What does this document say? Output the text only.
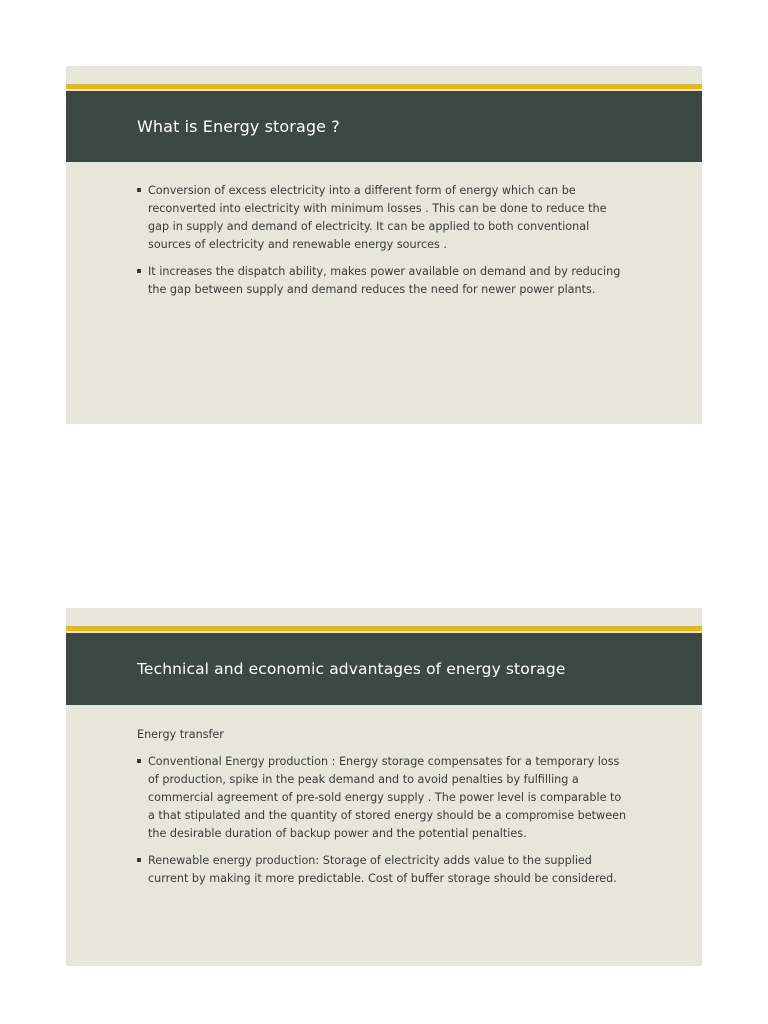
What is Energy storage ?
Conversion of excess electricity into a different form of energy which can be reconverted into electricity with minimum losses . This can be done to reduce the gap in supply and demand of electricity. It can be applied to both conventional sources of electricity and renewable energy sources .
It increases the dispatch ability, makes power available on demand and by reducing the gap between supply and demand reduces the need for newer power plants.
Technical and economic advantages of energy storage

Energy transfer

Conventional Energy production : Energy storage compensates for a temporary loss of production, spike in the peak demand and to avoid penalties by fulfilling a commercial agreement of pre-sold energy supply . The power level is comparable to a that stipulated and the quantity of stored energy should be a compromise between the desirable duration of backup power and the potential penalties.
Renewable energy production: Storage of electricity adds value to the supplied current by making it more predictable. Cost of buffer storage should be considered.
